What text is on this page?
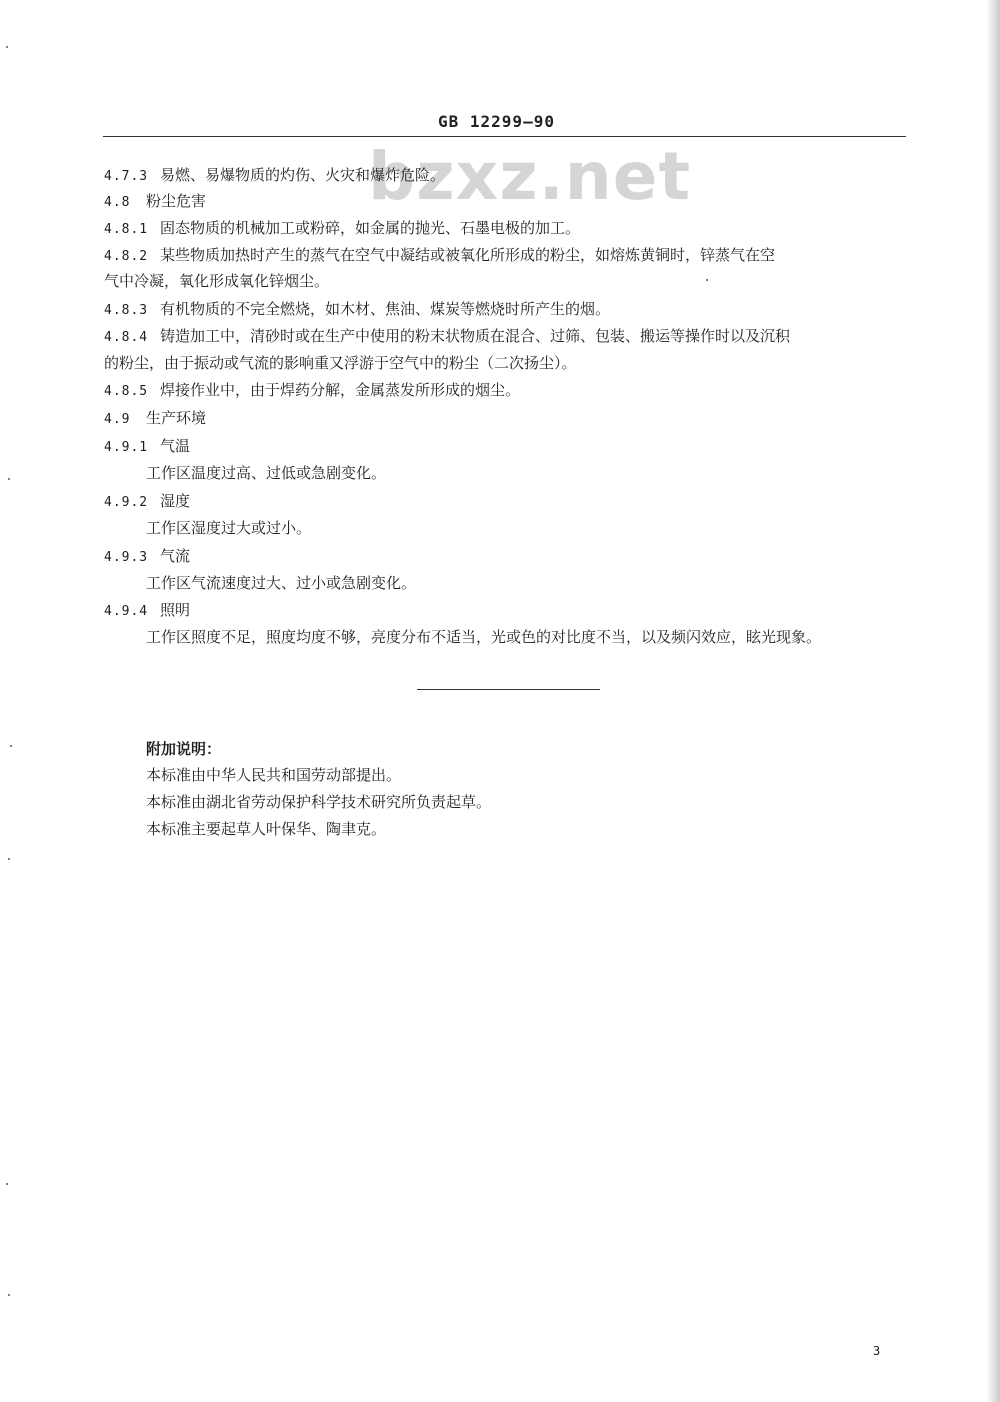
GB 12299—90
bzxz.net
4.7.3 易燃、易爆物质的灼伤、火灾和爆炸危险。
4.8 粉尘危害
4.8.1 固态物质的机械加工或粉碎，如金属的抛光、石墨电极的加工。
4.8.2 某些物质加热时产生的蒸气在空气中凝结或被氧化所形成的粉尘，如熔炼黄铜时，锌蒸气在空
气中冷凝，氧化形成氧化锌烟尘。
4.8.3 有机物质的不完全燃烧，如木材、焦油、煤炭等燃烧时所产生的烟。
4.8.4 铸造加工中，清砂时或在生产中使用的粉末状物质在混合、过筛、包装、搬运等操作时以及沉积
的粉尘，由于振动或气流的影响重又浮游于空气中的粉尘（二次扬尘）。
4.8.5 焊接作业中，由于焊药分解，金属蒸发所形成的烟尘。
4.9 生产环境
4.9.1 气温
工作区温度过高、过低或急剧变化。
4.9.2 湿度
工作区湿度过大或过小。
4.9.3 气流
工作区气流速度过大、过小或急剧变化。
4.9.4 照明
工作区照度不足，照度均度不够，亮度分布不适当，光或色的对比度不当，以及频闪效应，眩光现象。
附加说明：
本标准由中华人民共和国劳动部提出。
本标准由湖北省劳动保护科学技术研究所负责起草。
本标准主要起草人叶保华、陶聿克。
3
